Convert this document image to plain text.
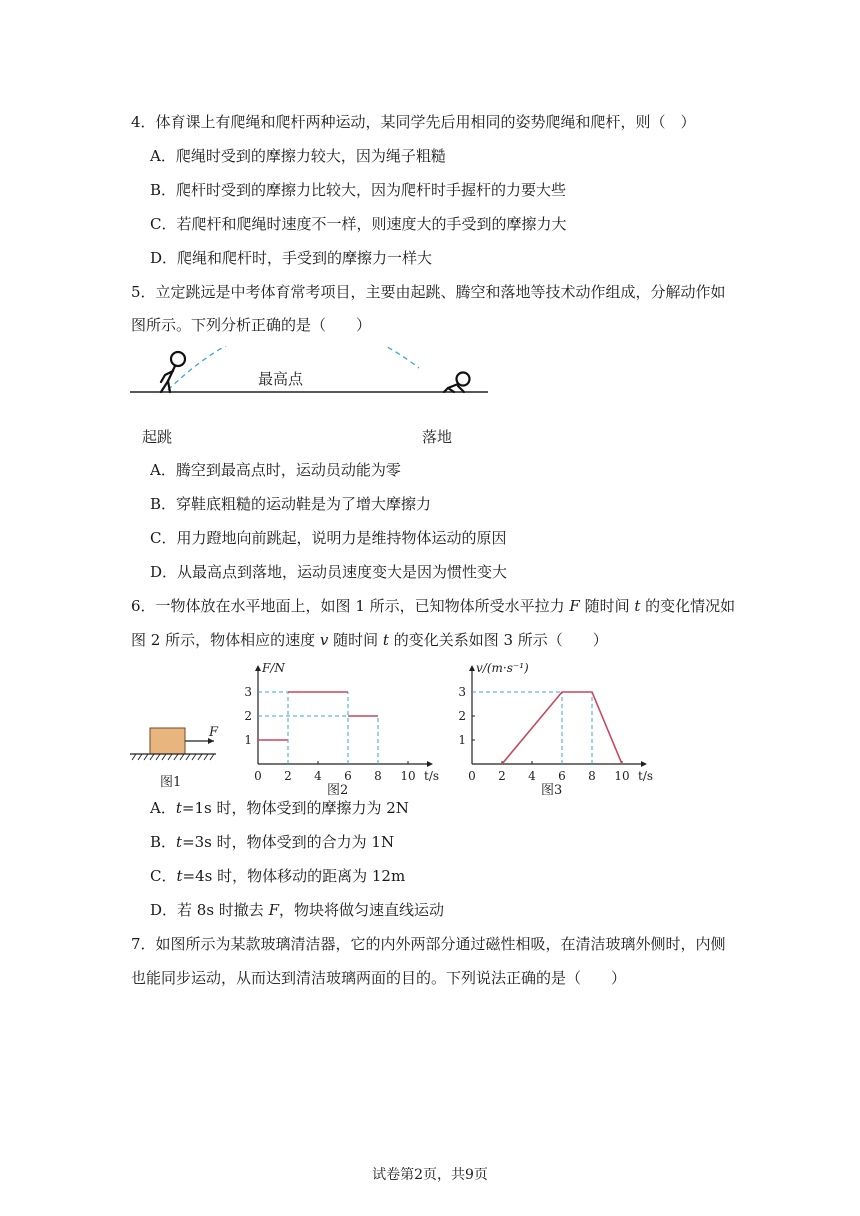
4．体育课上有爬绳和爬杆两种运动，某同学先后用相同的姿势爬绳和爬杆，则（　）
A．爬绳时受到的摩擦力较大，因为绳子粗糙
B．爬杆时受到的摩擦力比较大，因为爬杆时手握杆的力要大些
C．若爬杆和爬绳时速度不一样，则速度大的手受到的摩擦力大
D．爬绳和爬杆时，手受到的摩擦力一样大
5．立定跳远是中考体育常考项目，主要由起跳、腾空和落地等技术动作组成，分解动作如
图所示。下列分析正确的是（　　）
最高点
起跳	落地
A．腾空到最高点时，运动员动能为零
B．穿鞋底粗糙的运动鞋是为了增大摩擦力
C．用力蹬地向前跳起，说明力是维持物体运动的原因
D．从最高点到落地，运动员速度变大是因为惯性变大
6．一物体放在水平地面上，如图 1 所示，已知物体所受水平拉力 F 随时间 t 的变化情况如
图 2 所示，物体相应的速度 v 随时间 t 的变化关系如图 3 所示（　　）
F
图1
F/N
t/s
图2
0 2 4 6 8 10
1
2
3
v/(m·s⁻¹)
t/s
图3
0 2 4 6 8 10
1
2
3
A．t=1s 时，物体受到的摩擦力为 2N
B．t=3s 时，物体受到的合力为 1N
C．t=4s 时，物体移动的距离为 12m
D．若 8s 时撤去 F，物块将做匀速直线运动
7．如图所示为某款玻璃清洁器，它的内外两部分通过磁性相吸，在清洁玻璃外侧时，内侧
也能同步运动，从而达到清洁玻璃两面的目的。下列说法正确的是（　　）
试卷第2页，共9页
